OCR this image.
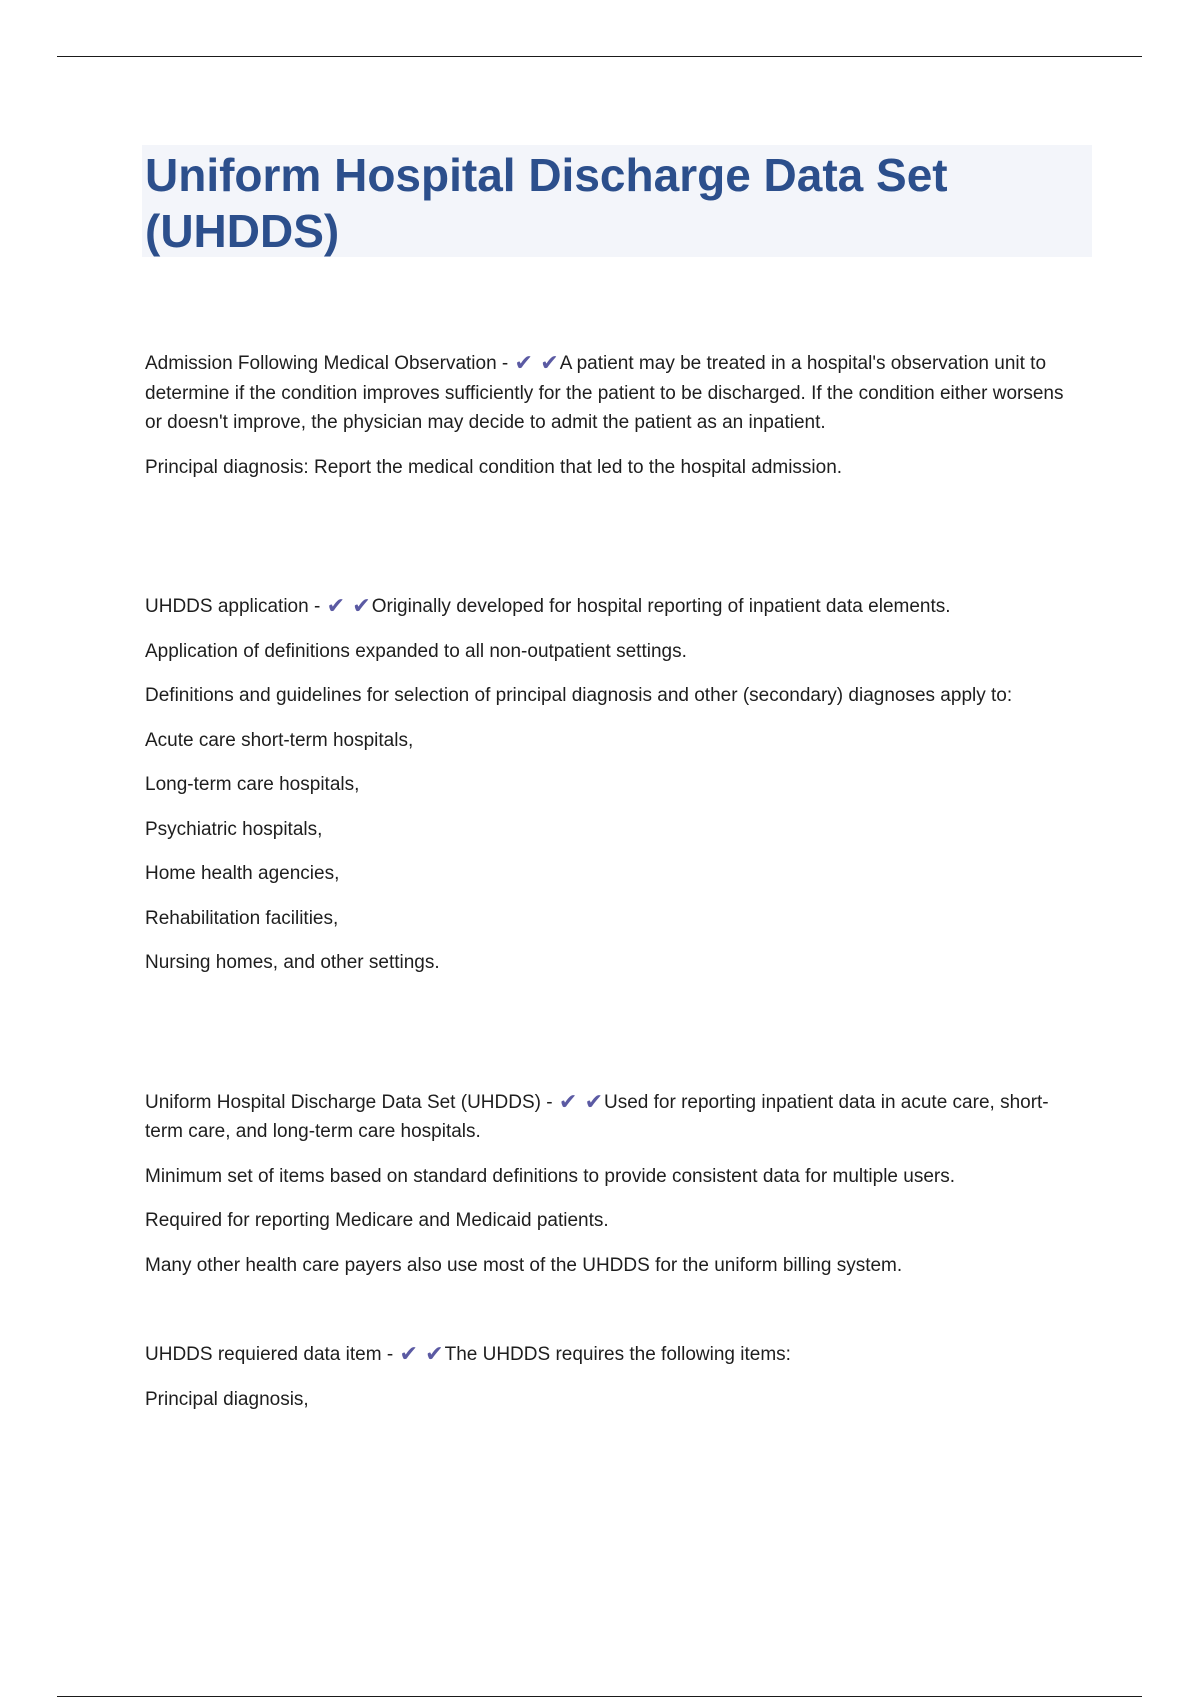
Uniform Hospital Discharge Data Set (UHDDS)

Admission Following Medical Observation - ✔ ✔A patient may be treated in a hospital's observation unit to determine if the condition improves sufficiently for the patient to be discharged. If the condition either worsens or doesn't improve, the physician may decide to admit the patient as an inpatient.

Principal diagnosis: Report the medical condition that led to the hospital admission.

UHDDS application - ✔ ✔Originally developed for hospital reporting of inpatient data elements.

Application of definitions expanded to all non-outpatient settings.

Definitions and guidelines for selection of principal diagnosis and other (secondary) diagnoses apply to:

Acute care short-term hospitals,

Long-term care hospitals,

Psychiatric hospitals,

Home health agencies,

Rehabilitation facilities,

Nursing homes, and other settings.

Uniform Hospital Discharge Data Set (UHDDS) - ✔ ✔Used for reporting inpatient data in acute care, short-term care, and long-term care hospitals.

Minimum set of items based on standard definitions to provide consistent data for multiple users.

Required for reporting Medicare and Medicaid patients.

Many other health care payers also use most of the UHDDS for the uniform billing system.

UHDDS requiered data item - ✔ ✔The UHDDS requires the following items:

Principal diagnosis,
